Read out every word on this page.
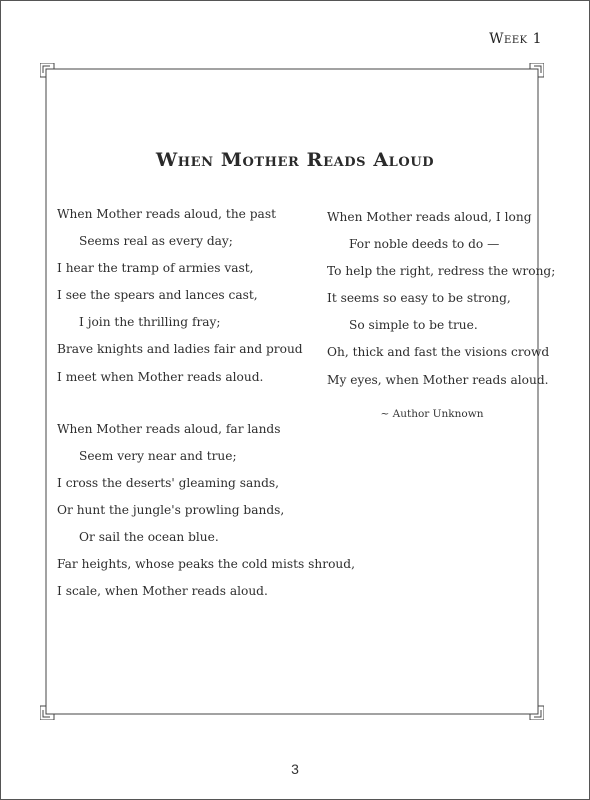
Week 1
When Mother Reads Aloud
When Mother reads aloud, the past
Seems real as every day;
I hear the tramp of armies vast,
I see the spears and lances cast,
I join the thrilling fray;
Brave knights and ladies fair and proud
I meet when Mother reads aloud.
When Mother reads aloud, far lands
Seem very near and true;
I cross the deserts' gleaming sands,
Or hunt the jungle's prowling bands,
Or sail the ocean blue.
Far heights, whose peaks the cold mists shroud,
I scale, when Mother reads aloud.
When Mother reads aloud, I long
For noble deeds to do —
To help the right, redress the wrong;
It seems so easy to be strong,
So simple to be true.
Oh, thick and fast the visions crowd
My eyes, when Mother reads aloud.
~ Author Unknown
3
